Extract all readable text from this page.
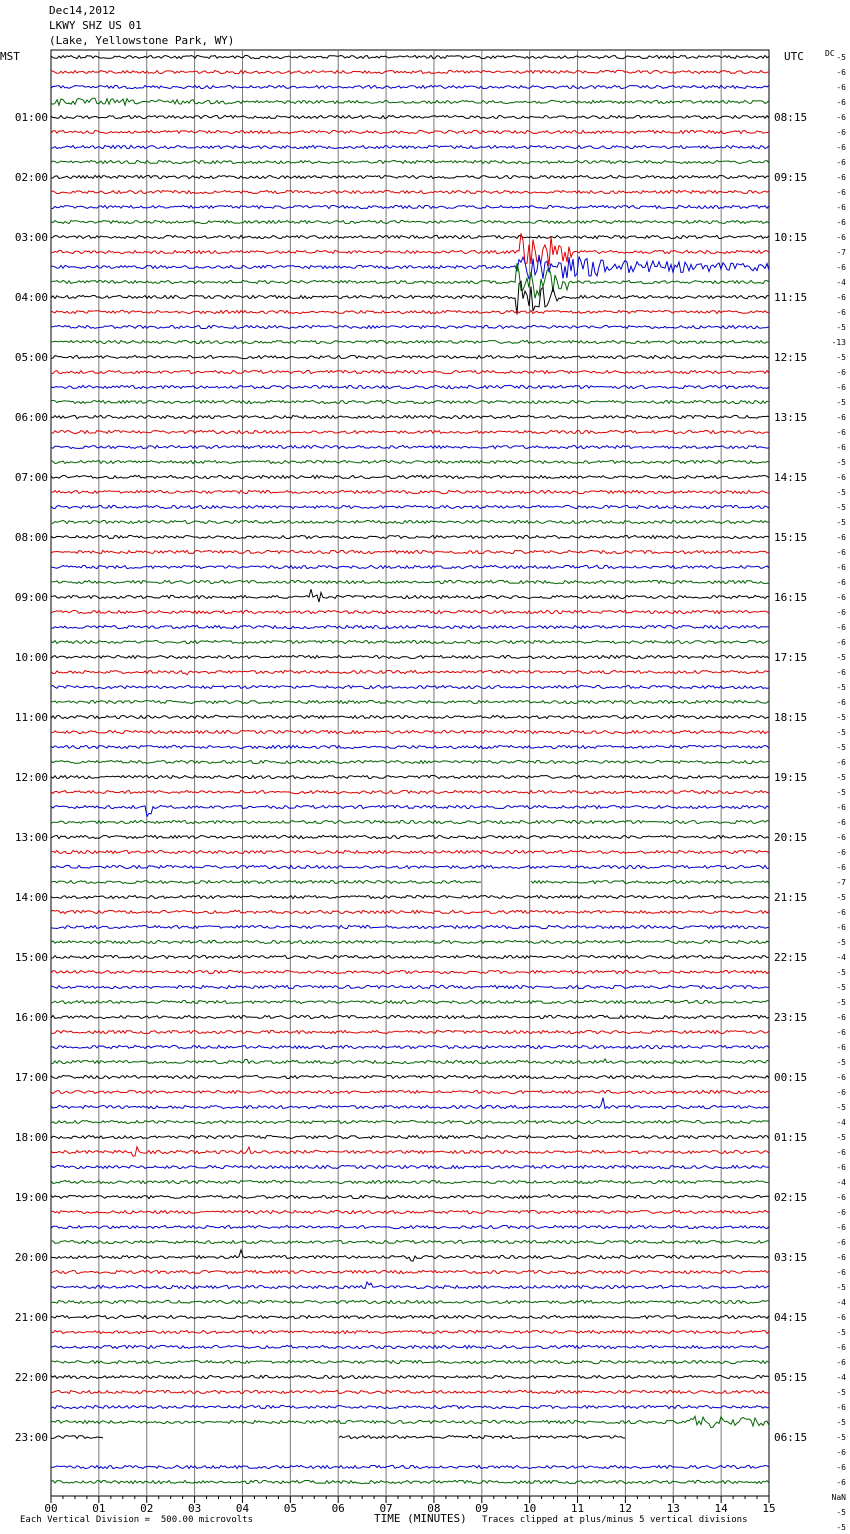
Dec14,2012
LKWY SHZ US 01
(Lake, Yellowstone Park, WY)
MST	UTC
Each Vertical Division =  500.00 microvolts	TIME (MINUTES) Traces clipped at plus/minus 5 vertical divisions
00	01	02	03	04	05	06	07	08	09	10	11	12	13	14	15
01:00
02:00
03:00
04:00
05:00
06:00
07:00
08:00
09:00
10:00
11:00
12:00
13:00
14:00
15:00
16:00
17:00
18:00
19:00
20:00
21:00
22:00
23:00
08:15
09:15
10:15
11:15
12:15
13:15
14:15
15:15
16:15
17:15
18:15
19:15
20:15
21:15
22:15
23:15
00:15
01:15
02:15
03:15
04:15
05:15
06:15
-5
-6
-6
-6
-6
-6
-6
-6
-6
-6
-6
-6
-6
-7
-6
-4
-6
-6
-5
-13
-5
-6
-6
-5
-6
-6
-6
-5
-6
-5
-5
-5
-6
-6
-6
-6
-6
-6
-6
-6
-5
-6
-5
-6
-5
-5
-5
-6
-5
-5
-6
-6
-6
-6
-6
-7
-5
-6
-6
-5
-4
-5
-5
-5
-6
-6
-6
-5
-6
-6
-5
-4
-5
-6
-6
-4
-6
-6
-6
-6
-6
-6
-5
-4
-6
-5
-6
-6
-4
-5
-6
-5
-5
-6
-6
-6
NaN
-5
-5
DC
